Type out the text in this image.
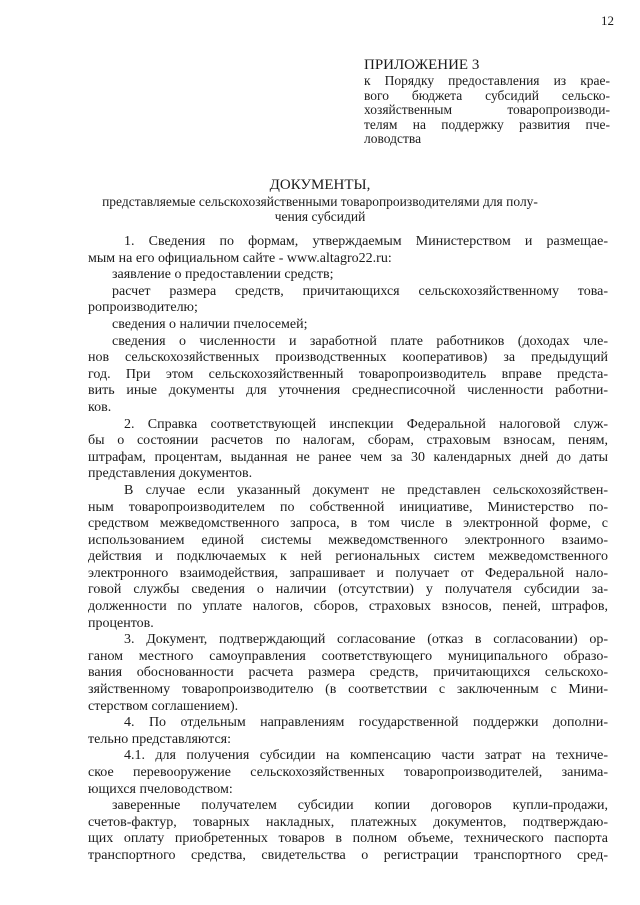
12
ПРИЛОЖЕНИЕ 3
к Порядку предоставления из крае-
вого бюджета субсидий сельско-
хозяйственным товаропроизводи-
телям на поддержку развития пче-
ловодства
ДОКУМЕНТЫ,
представляемые сельскохозяйственными товаропроизводителями для полу-
чения субсидий
1. Сведения по формам, утверждаемым Министерством и размещае-
мым на его официальном сайте - www.altagro22.ru:
заявление о предоставлении средств;
расчет размера средств, причитающихся сельскохозяйственному това-
ропроизводителю;
сведения о наличии пчелосемей;
сведения о численности и заработной плате работников (доходах чле-
нов сельскохозяйственных производственных кооперативов) за предыдущий
год. При этом сельскохозяйственный товаропроизводитель вправе предста-
вить иные документы для уточнения среднесписочной численности работни-
ков.
2. Справка соответствующей инспекции Федеральной налоговой служ-
бы о состоянии расчетов по налогам, сборам, страховым взносам, пеням,
штрафам, процентам, выданная не ранее чем за 30 календарных дней до даты
представления документов.
В случае если указанный документ не представлен сельскохозяйствен-
ным товаропроизводителем по собственной инициативе, Министерство по-
средством межведомственного запроса, в том числе в электронной форме, с
использованием единой системы межведомственного электронного взаимо-
действия и подключаемых к ней региональных систем межведомственного
электронного взаимодействия, запрашивает и получает от Федеральной нало-
говой службы сведения о наличии (отсутствии) у получателя субсидии за-
долженности по уплате налогов, сборов, страховых взносов, пеней, штрафов,
процентов.
3. Документ, подтверждающий согласование (отказ в согласовании) ор-
ганом местного самоуправления соответствующего муниципального образо-
вания обоснованности расчета размера средств, причитающихся сельскохо-
зяйственному товаропроизводителю (в соответствии с заключенным с Мини-
стерством соглашением).
4. По отдельным направлениям государственной поддержки дополни-
тельно представляются:
4.1. для получения субсидии на компенсацию части затрат на техниче-
ское перевооружение сельскохозяйственных товаропроизводителей, занима-
ющихся пчеловодством:
заверенные получателем субсидии копии договоров купли-продажи,
счетов-фактур, товарных накладных, платежных документов, подтверждаю-
щих оплату приобретенных товаров в полном объеме, технического паспорта
транспортного средства, свидетельства о регистрации транспортного сред-
